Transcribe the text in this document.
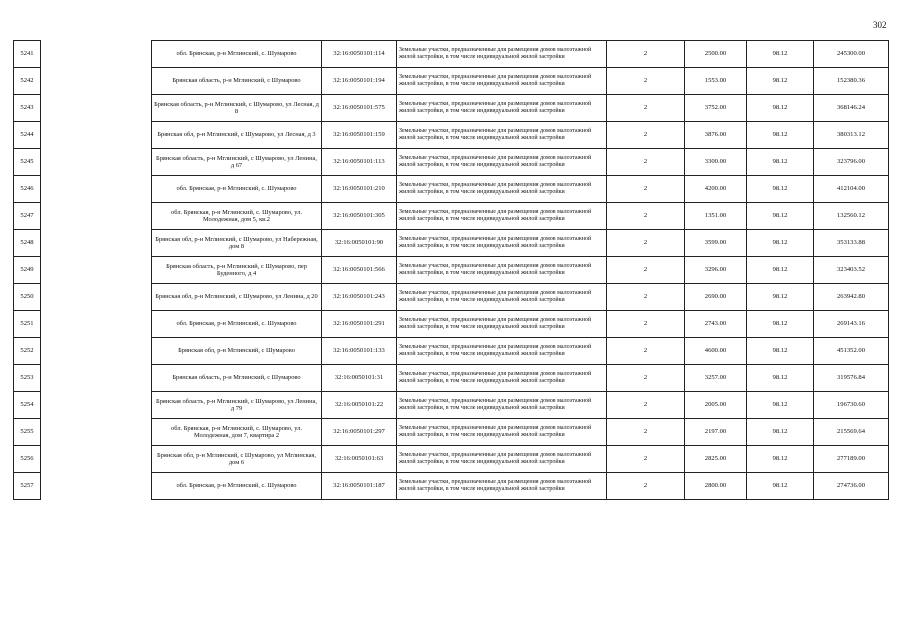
302
5241		обл. Брянская, р-н Мглинский, с. Шумарово	32:16:0050101:114	Земельные участки, предназначенные для размещения домов малоэтажной жилой застройки, в том числе индивидуальной жилой застройки	2	2500.00	98.12	245300.00
5242		Брянская область, р-н Мглинский, с Шумарово	32:16:0050101:194	Земельные участки, предназначенные для размещения домов малоэтажной жилой застройки, в том числе индивидуальной жилой застройки	2	1553.00	98.12	152380.36
5243		Брянская область, р-н Мглинский, с Шумарово, ул Лесная, д 8	32:16:0050101:575	Земельные участки, предназначенные для размещения домов малоэтажной жилой застройки, в том числе индивидуальной жилой застройки	2	3752.00	98.12	368146.24
5244		Брянская обл, р-н Мглинский, с Шумарово, ул Лесная, д 3	32:16:0050101:159	Земельные участки, предназначенные для размещения домов малоэтажной жилой застройки, в том числе индивидуальной жилой застройки	2	3876.00	98.12	380313.12
5245		Брянская область, р-н Мглинский, с Шумарово, ул Ленина, д 67	32:16:0050101:113	Земельные участки, предназначенные для размещения домов малоэтажной жилой застройки, в том числе индивидуальной жилой застройки	2	3300.00	98.12	323796.00
5246		обл. Брянская, р-н Мглинский, с. Шумарово	32:16:0050101:210	Земельные участки, предназначенные для размещения домов малоэтажной жилой застройки, в том числе индивидуальной жилой застройки	2	4200.00	98.12	412104.00
5247		обл. Брянская, р-н Мглинский, с. Шумарово, ул. Молодежная, дом 5, кв.2	32:16:0050101:305	Земельные участки, предназначенные для размещения домов малоэтажной жилой застройки, в том числе индивидуальной жилой застройки	2	1351.00	98.12	132560.12
5248		Брянская обл, р-н Мглинский, с Шумарово, ул Набережная, дом 8	32:16:0050101:90	Земельные участки, предназначенные для размещения домов малоэтажной жилой застройки, в том числе индивидуальной жилой застройки	2	3599.00	98.12	353133.88
5249		Брянская область, р-н Мглинский, с Шумарово, пер Буденного, д 4	32:16:0050101:566	Земельные участки, предназначенные для размещения домов малоэтажной жилой застройки, в том числе индивидуальной жилой застройки	2	3296.00	98.12	323403.52
5250		Брянская обл, р-н Мглинский, с Шумарово, ул Ленина, д 20	32:16:0050101:243	Земельные участки, предназначенные для размещения домов малоэтажной жилой застройки, в том числе индивидуальной жилой застройки	2	2690.00	98.12	263942.80
5251		обл. Брянская, р-н Мглинский, с. Шумарово	32:16:0050101:291	Земельные участки, предназначенные для размещения домов малоэтажной жилой застройки, в том числе индивидуальной жилой застройки	2	2743.00	98.12	269143.16
5252		Брянская обл, р-н Мглинский, с Шумарово	32:16:0050101:133	Земельные участки, предназначенные для размещения домов малоэтажной жилой застройки, в том числе индивидуальной жилой застройки	2	4600.00	98.12	451352.00
5253		Брянская область, р-н Мглинский, с Шумарово	32:16:0050101:31	Земельные участки, предназначенные для размещения домов малоэтажной жилой застройки, в том числе индивидуальной жилой застройки	2	3257.00	98.12	319576.84
5254		Брянская область, р-н Мглинский, с Шумарово, ул Ленина, д 79	32:16:0050101:22	Земельные участки, предназначенные для размещения домов малоэтажной жилой застройки, в том числе индивидуальной жилой застройки	2	2005.00	98.12	196730.60
5255		обл. Брянская, р-н Мглинский, с. Шумарово, ул. Молодежная, дом 7, квартира 2	32:16:0050101:297	Земельные участки, предназначенные для размещения домов малоэтажной жилой застройки, в том числе индивидуальной жилой застройки	2	2197.00	98.12	215569.64
5256		Брянская обл, р-н Мглинский, с Шумарово, ул Мглинская, дом 6	32:16:0050101:63	Земельные участки, предназначенные для размещения домов малоэтажной жилой застройки, в том числе индивидуальной жилой застройки	2	2825.00	98.12	277189.00
5257		обл. Брянская, р-н Мглинский, с. Шумарово	32:16:0050101:187	Земельные участки, предназначенные для размещения домов малоэтажной жилой застройки, в том числе индивидуальной жилой застройки	2	2800.00	98.12	274736.00
